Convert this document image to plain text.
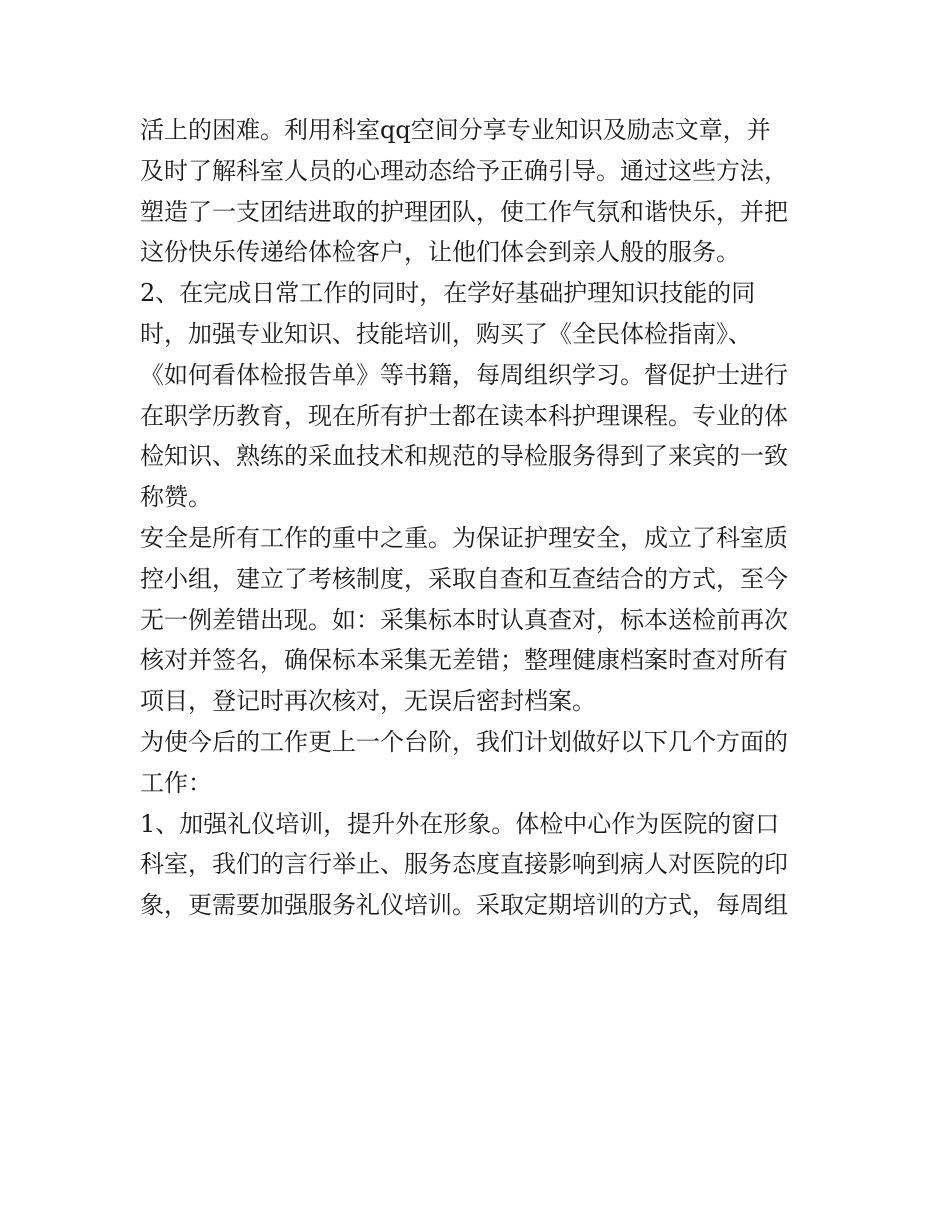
活上的困难。利用科室qq空间分享专业知识及励志文章，并
及时了解科室人员的心理动态给予正确引导。通过这些方法，
塑造了一支团结进取的护理团队，使工作气氛和谐快乐，并把
这份快乐传递给体检客户，让他们体会到亲人般的服务。
2、在完成日常工作的同时，在学好基础护理知识技能的同
时，加强专业知识、技能培训，购买了《全民体检指南》、
《如何看体检报告单》等书籍，每周组织学习。督促护士进行
在职学历教育，现在所有护士都在读本科护理课程。专业的体
检知识、熟练的采血技术和规范的导检服务得到了来宾的一致
称赞。
安全是所有工作的重中之重。为保证护理安全，成立了科室质
控小组，建立了考核制度，采取自查和互查结合的方式，至今
无一例差错出现。如：采集标本时认真查对，标本送检前再次
核对并签名，确保标本采集无差错；整理健康档案时查对所有
项目，登记时再次核对，无误后密封档案。
为使今后的工作更上一个台阶，我们计划做好以下几个方面的
工作：
1、加强礼仪培训，提升外在形象。体检中心作为医院的窗口
科室，我们的言行举止、服务态度直接影响到病人对医院的印
象，更需要加强服务礼仪培训。采取定期培训的方式，每周组
